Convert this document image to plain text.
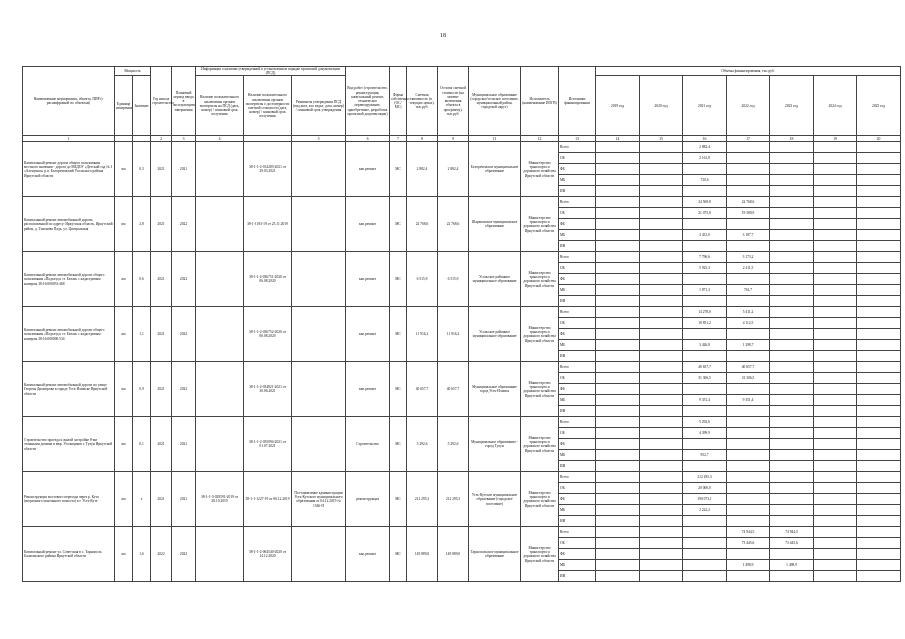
18
Наименование мероприятия, объекта, ПИР (с расшифровкой по объектам)	Мощность		Год начала строительства	Плановый период ввода в эксплуатацию/завершения	Информация о наличии утвержденной в установленном порядке проектной документации (ПСД)			Вид работ (строительство, реконструкция, капитальный ремонт, техническое перевооружение, приобретение, разработка проектной документации)	Форма собственности (ОС/МС)	Сметная стоимость (в текущих ценах), тыс.руб.	Остаток сметной стоимости (на момент включения объекта в программу), тыс.руб.	Муниципальное образование (городское/сельское поселение, муниципальный район, городской округ)	Исполнитель (наименование ИОГВ)	Источники финансирования	Объемы финансирования, тыс.руб.						
	Единица измерения	Значение			Наличие положительного заключения органов экспертизы на ПСД (дата, номер) / плановый срок получения	Наличие положительного заключения органов экспертизы о достоверности сметной стоимости (дата, номер) / плановый срок получения	Реквизиты утверждения ПСД (вид акта, кто издал, дата, номер) / плановый срок утверждения								2019 год	2020 год	2021 год	2022 год	2023 год	2024 год	2025 год

1			2	3	4		5	6	7	8	9	11	12	13	14	15	16	17	18	19	20
Капитальный ремонт дороги общего пользования местного значения - дорога до МБДОУ «Детский сад № 1 «Аленушка» р.п. Белореченский Усольского района Иркутской области	км	0,3	2021	2021		38-1-1-2-014283-2021 от 29.03.2021		кап.ремонт	МС	2 882,4	2 882,4	Белореченское муниципальное образование	Министерство транспорта и дорожного хозяйства Иркутской области	Всего			2 882,4				
														ОБ			2 161,8				
														ФБ							
														МБ			720,6				
														ИИ							
Капитальный ремонт автомобильной дороги, расположенной по адресу: Иркутская область, Иркутский район, д. Тихонова Падь, ул. Центральная	км	2,8	2021	2022		38-1-1183-19 от 25.11.2019		кап.ремонт	МС	22 768,6	22 768,6	Шараповское муниципальное образование	Министерство транспорта и дорожного хозяйства Иркутской области	Всего			24 569,8	22 768,6			
														ОБ			21 075,8	19 580,9			
														ФБ							
														МБ			3 431,0	3 187,7			
														ИИ							
Капитальный ремонт автомобильной дороги общего пользования «Подъезд к ст. Белая» с кадастровым номером 38:16:000053:468	км	0,6	2021	2022		38-1-1-2-036751-2020 от 06.08.2020		кап.ремонт	МС	6 515,9	6 515,9	Усольское районное муниципальное образование	Министерство транспорта и дорожного хозяйства Иркутской области	Всего			7 796,6	3 173,2			
														ОБ			5 925,3	2 411,5			
														ФБ							
														МБ			1 871,3	761,7			
														ИИ							
Капитальный ремонт автомобильной дороги общего пользования «Подъезд к ст. Белая» с кадастровым номером 38:16:000000:534	км	1,1	2021	2022		38-1-1-2-036752-2020 от 06.08.2020		кап.ремонт	МС	11 916,2	11 916,2	Усольское районное муниципальное образование	Министерство транспорта и дорожного хозяйства Иркутской области	Всего			14 278,0	5 411,2			
														ОБ			10 851,2	4 112,5			
														ФБ							
														МБ			3 426,8	1 298,7			
														ИИ							
Капитальный ремонт автомобильной дороги по улице Георгия Димитрова в городе Усть-Илимске Иркутской области	км	0,9	2021	2022		38-1-1-2-034821-2021 от 30.06.2021		кап.ремонт	МС	40 657,7	40 657,7	Муниципальное образование город Усть-Илимск	Министерство транспорта и дорожного хозяйства Иркутской области	Всего			40 657,7	40 657,7			
														ОБ			31 306,5	31 306,5			
														ФБ							
														МБ			9 351,4	9 351,4			
														ИИ							
Строительство проезда к жилой застройке 8-ми этажными домами в мкр. Угольщиков г. Тулун Иркутской области	км	0,1	2021	2021		38-1-1-2-035094-2021 от 01.07.2021		Строительство	МС	5 292,6	5 292,6	Муниципальное образование - город Тулун	Министерство транспорта и дорожного хозяйства Иркутской области	Всего			5 292,6				
														ОБ			4 399,9				
														ФБ							
														МБ			952,7				
														ИИ							
Реконструкция мостового перехода через р. Кута (вторичного понтонного помоста) в г. Усть-Куте	км	х	2021	2021	38-1-1-3-029591-2019 от 28.10.2019	38-1-1-1227-19 от 06.12.2019	Постановление администрации Усть-Кутского муниципального образования от 04.12.2019 № 1546-П	реконструкция	МС	212 295,3	212 295,3	Усть-Кутское муниципальное образование (городское поселение)	Министерство транспорта и дорожного хозяйства Иркутской области	Всего			212 295,3				
														ОБ			20 000,0				
														ФБ			190 073,1				
														МБ			2 222,2				
														ИИ							
Капитальный ремонт ул. Советская в с. Тарнополь Балаганского района Иркутской области	км	1,6	2022	2023		38-1-1-2-064540-2020 от 14.12.2020		кап.ремонт	МС	149 889,0	149 889,0	Тарнопольское муниципальное образование	Министерство транспорта и дорожного хозяйства Иркутской области	Всего				74 944,5	74 944,5		
														ОБ				73 445,6	73 445,6		
														ФБ							
														МБ				1 498,9	1 498,9		
														ИИ							
